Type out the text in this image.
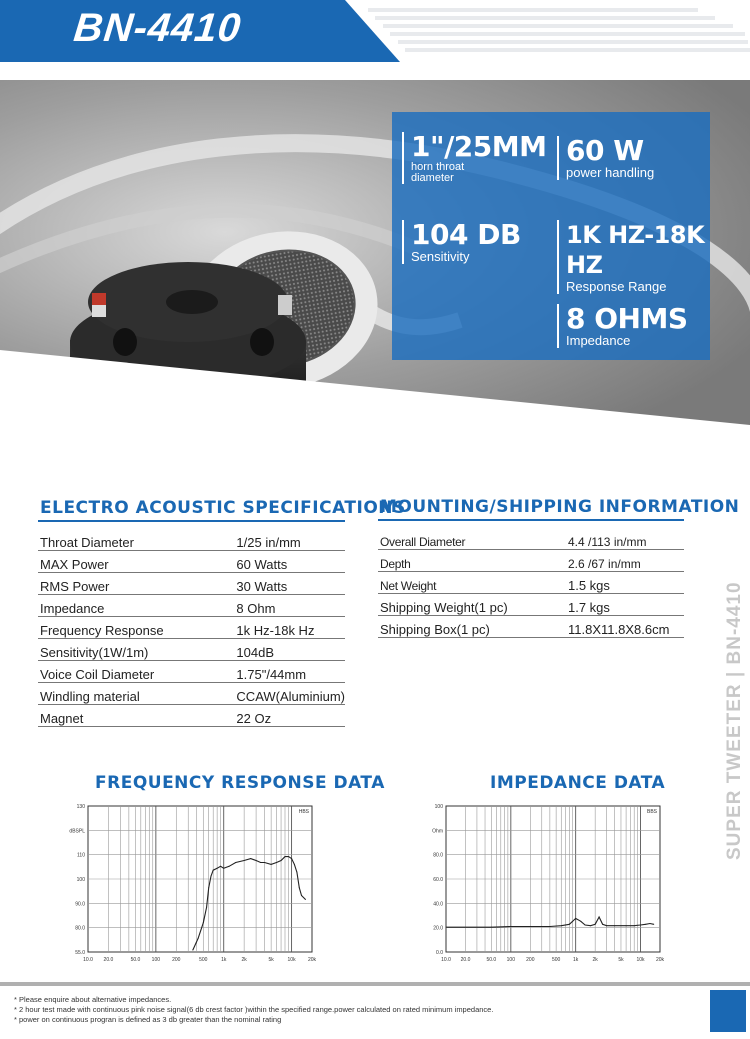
BN-4410
1"/25MM
horn throat diameter
60 W
power handling
104 DB
Sensitivity
1K HZ-18K HZ
Response Range
8 OHMS
Impedance
ELECTRO ACOUSTIC SPECIFICATIONS
Throat Diameter	1/25 in/mm
MAX Power	60 Watts
RMS Power	30 Watts
Impedance	8 Ohm
Frequency Response	1k Hz-18k Hz
Sensitivity(1W/1m)	104dB
Voice Coil Diameter	1.75"/44mm
Windling material	CCAW(Aluminium)
Magnet	22 Oz
MOUNTING/SHIPPING INFORMATION
Overall Diameter	4.4 /113 in/mm
Depth	2.6 /67 in/mm
Net Weight	1.5 kgs
Shipping Weight(1 pc)	1.7 kgs
Shipping Box(1 pc)	11.8X11.8X8.6cm	SUPER TWEETER | BN-4410
FREQUENCY RESPONSE DATA
10.0 20.0	50.0 100 200	500	1k	2k	5k	10k 20k
130
dBSPL
110
100
90.0
80.0
55.0
HBS
IMPEDANCE DATA
10.0 20.0	50.0 100 200	500	1k	2k	5k	10k 20k
100
Ohm
80.0
60.0
40.0
20.0
0.0
BBS
* Please enquire about alternative impedances.
* 2 hour test made with continuous pink noise signal(6 db crest factor )within the specified range.power calculated on rated minimum impedance.
* power on continuous progran is defined as 3 db greater than the nominal rating
